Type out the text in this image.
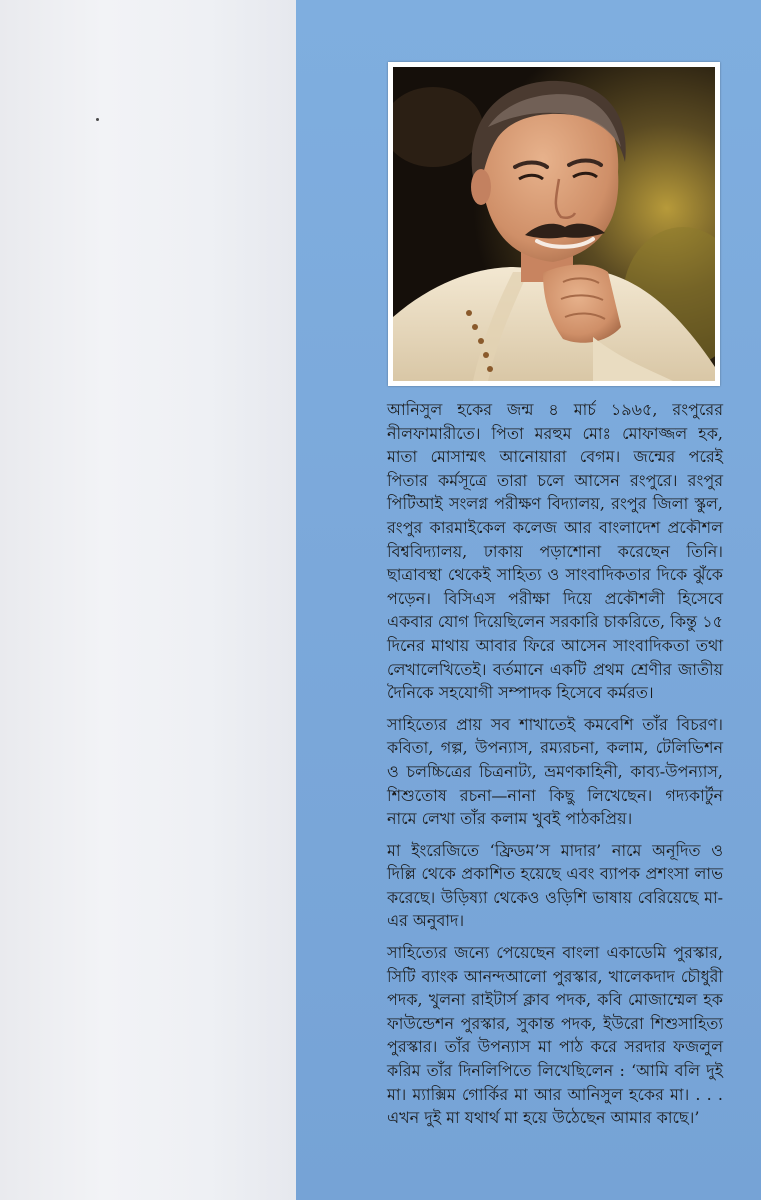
আনিসুল হকের জন্ম ৪ মার্চ ১৯৬৫, রংপুরের নীলফামারীতে। পিতা মরহুম মোঃ মোফাজ্জল হক, মাতা মোসাম্মৎ আনোয়ারা বেগম। জন্মের পরেই পিতার কর্মসূত্রে তারা চলে আসেন রংপুরে। রংপুর পিটিআই সংলগ্ন পরীক্ষণ বিদ্যালয়, রংপুর জিলা স্কুল, রংপুর কারমাইকেল কলেজ আর বাংলাদেশ প্রকৌশল বিশ্ববিদ্যালয়, ঢাকায় পড়াশোনা করেছেন তিনি। ছাত্রাবস্থা থেকেই সাহিত্য ও সাংবাদিকতার দিকে ঝুঁকে পড়েন। বিসিএস পরীক্ষা দিয়ে প্রকৌশলী হিসেবে একবার যোগ দিয়েছিলেন সরকারি চাকরিতে, কিন্তু ১৫ দিনের মাথায় আবার ফিরে আসেন সাংবাদিকতা তথা লেখালেখিতেই। বর্তমানে একটি প্রথম শ্রেণীর জাতীয় দৈনিকে সহযোগী সম্পাদক হিসেবে কর্মরত।

সাহিত্যের প্রায় সব শাখাতেই কমবেশি তাঁর বিচরণ। কবিতা, গল্প, উপন্যাস, রম্যরচনা, কলাম, টেলিভিশন ও চলচ্চিত্রের চিত্রনাট্য, ভ্রমণকাহিনী, কাব্য-উপন্যাস, শিশুতোষ রচনা—নানা কিছু লিখেছেন। গদ্যকার্টুন নামে লেখা তাঁর কলাম খুবই পাঠকপ্রিয়।

মা ইংরেজিতে ‘ফ্রিডম’স মাদার’ নামে অনূদিত ও দিল্লি থেকে প্রকাশিত হয়েছে এবং ব্যাপক প্রশংসা লাভ করেছে। উড়িষ্যা থেকেও ওড়িশি ভাষায় বেরিয়েছে মা-এর অনুবাদ।

সাহিত্যের জন্যে পেয়েছেন বাংলা একাডেমি পুরস্কার, সিটি ব্যাংক আনন্দআলো পুরস্কার, খালেকদাদ চৌধুরী পদক, খুলনা রাইটার্স ক্লাব পদক, কবি মোজাম্মেল হক ফাউন্ডেশন পুরস্কার, সুকান্ত পদক, ইউরো শিশুসাহিত্য পুরস্কার। তাঁর উপন্যাস মা পাঠ করে সরদার ফজলুল করিম তাঁর দিনলিপিতে লিখেছিলেন : ‘আমি বলি দুই মা। ম্যাক্সিম গোর্কির মা আর আনিসুল হকের মা। . . . এখন দুই মা যথার্থ মা হয়ে উঠেছেন আমার কাছে।’
